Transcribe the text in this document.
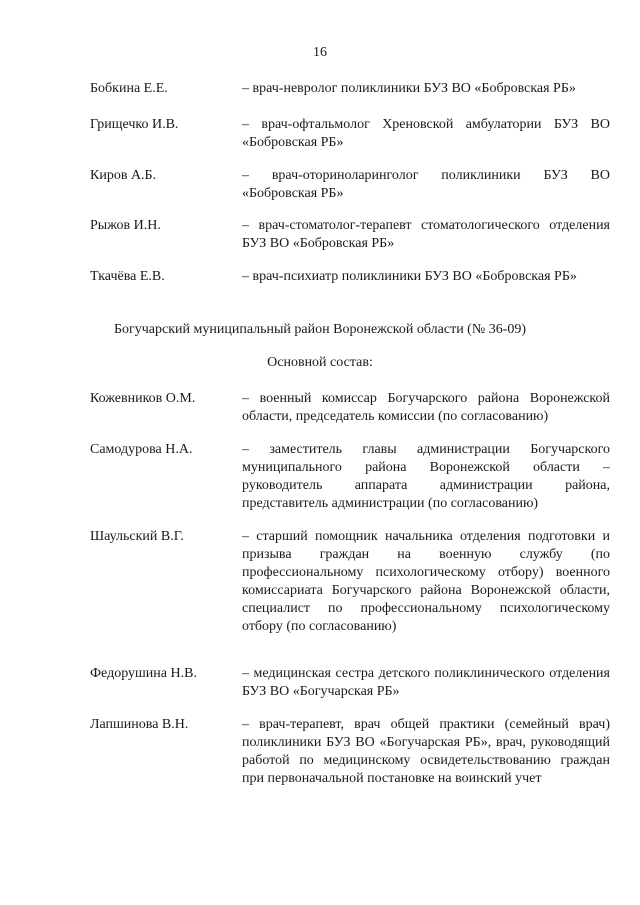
16
Бобкина Е.Е.	– врач-невролог поликлиники БУЗ ВО «Бобровская РБ»
Грищечко И.В.	– врач-офтальмолог Хреновской амбулатории БУЗ ВО «Бобровская РБ»
Киров А.Б.	– врач-оториноларинголог поликлиники БУЗ ВО «Бобровская РБ»
Рыжов И.Н.	– врач-стоматолог-терапевт стоматологического отделения БУЗ ВО «Бобровская РБ»
Ткачёва Е.В.	– врач-психиатр поликлиники БУЗ ВО «Бобровская РБ»
Богучарский муниципальный район Воронежской области (№ 36-09)
Основной состав:
Кожевников О.М.	– военный комиссар Богучарского района Воронежской области, председатель комиссии (по согласованию)
Самодурова Н.А.	– заместитель главы администрации Богучарского муниципального района Воронежской области – руководитель аппарата администрации района, представитель администрации (по согласованию)
Шаульский В.Г.	– старший помощник начальника отделения подготовки и призыва граждан на военную службу (по профессиональному психологическому отбору) военного комиссариата Богучарского района Воронежской области, специалист по профессиональному психологическому отбору (по согласованию)
Федорушина Н.В.	– медицинская сестра детского поликлинического отделения БУЗ ВО «Богучарская РБ»
Лапшинова В.Н.	– врач-терапевт, врач общей практики (семейный врач) поликлиники БУЗ ВО «Богучарская РБ», врач, руководящий работой по медицинскому освидетельствованию граждан при первоначальной постановке на воинский учет
